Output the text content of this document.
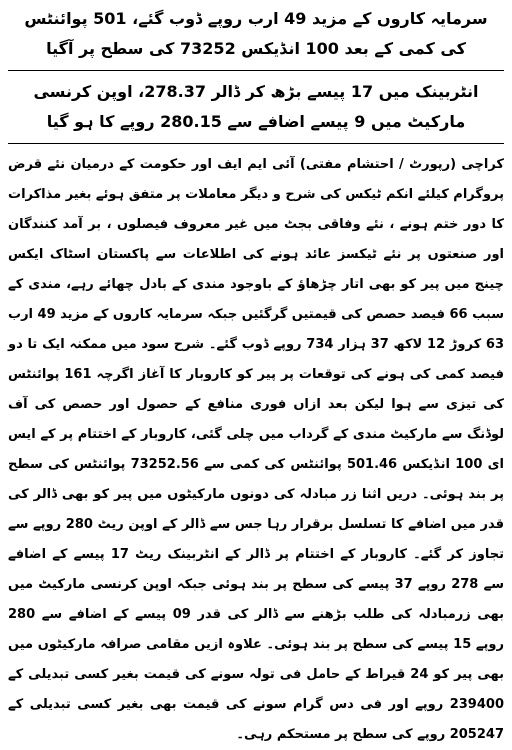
سرمایہ کاروں کے مزید 49 ارب روپے ڈوب گئے، 501 پوائنٹس کی کمی کے بعد 100 انڈیکس 73252 کی سطح پر آگیا
انٹربینک میں 17 پیسے بڑھ کر ڈالر 278.37، اوپن کرنسی مارکیٹ میں 9 پیسے اضافے سے 280.15 روپے کا ہو گیا

کراچی (رپورٹ / احتشام مفتی) آئی ایم ایف اور حکومت کے درمیان نئے قرض پروگرام کیلئے انکم ٹیکس کی شرح و دیگر معاملات پر متفق ہوئے بغیر مذاکرات کا دور ختم ہونے ، نئے وفاقی بجٹ میں غیر معروف فیصلوں ، بر آمد کنندگان اور صنعتوں پر نئے ٹیکسز عائد ہونے کی اطلاعات سے پاکستان اسٹاک ایکس چینج میں پیر کو بھی اتار چڑھاؤ کے باوجود مندی کے بادل چھائے رہے، مندی کے سبب 66 فیصد حصص کی قیمتیں گرگئیں جبکہ سرمایہ کاروں کے مزید 49 ارب 63 کروڑ 12 لاکھ 37 ہزار 734 روپے ڈوب گئے۔ شرح سود میں ممکنہ ایک تا دو فیصد کمی کی ہونے کی توقعات پر پیر کو کاروبار کا آغاز اگرچہ 161 پوائنٹس کی تیزی سے ہوا لیکن بعد ازاں فوری منافع کے حصول اور حصص کی آف لوڈنگ سے مارکیٹ مندی کے گرداب میں چلی گئی، کاروبار کے اختتام پر کے ایس ای 100 انڈیکس 501.46 پوائنٹس کی کمی سے 73252.56 پوائنٹس کی سطح پر بند ہوئی۔ دریں اثنا زر مبادلہ کی دونوں مارکیٹوں میں پیر کو بھی ڈالر کی قدر میں اضافے کا تسلسل برقرار رہا جس سے ڈالر کے اوپن ریٹ 280 روپے سے تجاوز کر گئے۔ کاروبار کے اختتام پر ڈالر کے انٹربینک ریٹ 17 پیسے کے اضافے سے 278 روپے 37 پیسے کی سطح پر بند ہوئی جبکہ اوپن کرنسی مارکیٹ میں بھی زرمبادلہ کی طلب بڑھنے سے ڈالر کی قدر 09 پیسے کے اضافے سے 280 روپے 15 پیسے کی سطح پر بند ہوئی۔ علاوہ ازیں مقامی صرافہ مارکیٹوں میں بھی پیر کو 24 قیراط کے حامل فی تولہ سونے کی قیمت بغیر کسی تبدیلی کے 239400 روپے اور فی دس گرام سونے کی قیمت بھی بغیر کسی تبدیلی کے 205247 روپے کی سطح پر مستحکم رہی۔
